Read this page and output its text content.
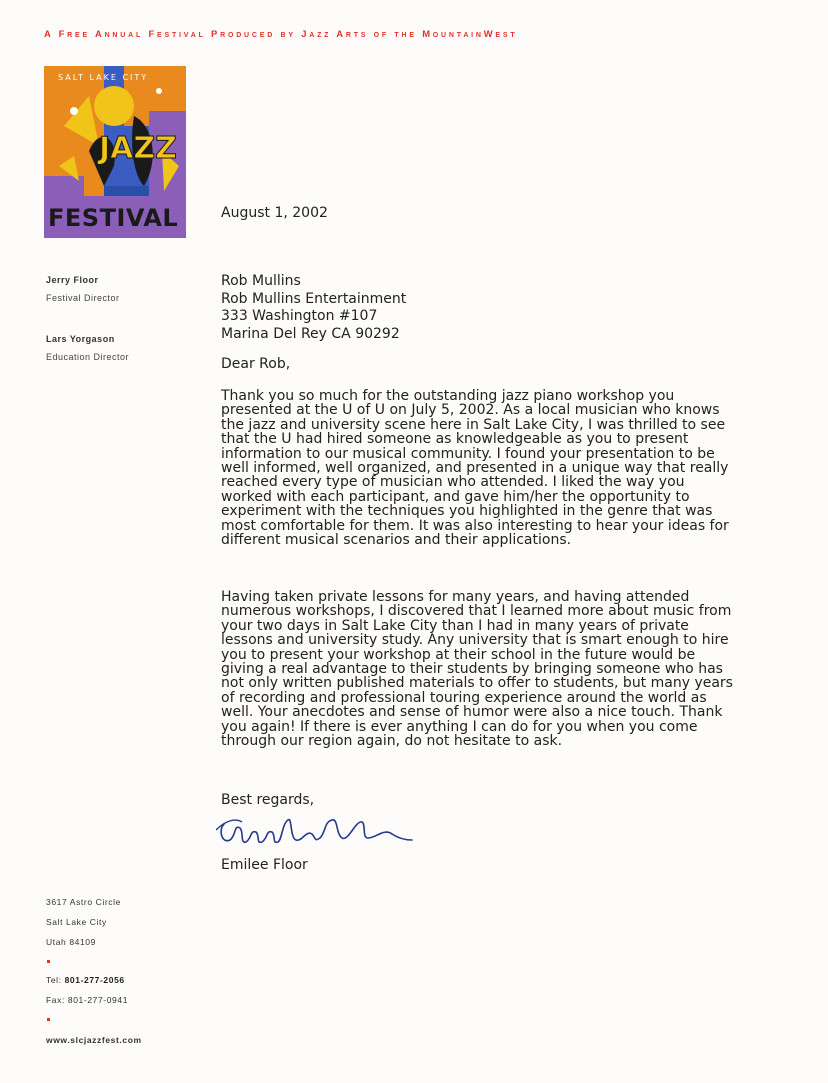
A Free Annual Festival Produced by Jazz Arts of the MountainWest
SALT LAKE CITY
JAZZ
FESTIVAL
Jerry Floor
Festival Director
Lars Yorgason
Education Director
August 1, 2002
Rob Mullins
Rob Mullins Entertainment
333 Washington #107
Marina Del Rey CA 90292
Dear Rob,
Thank you so much for the outstanding jazz piano workshop you
presented at the U of U on July 5, 2002. As a local musician who knows
the jazz and university scene here in Salt Lake City, I was thrilled to see
that the U had hired someone as knowledgeable as you to present
information to our musical community. I found your presentation to be
well informed, well organized, and presented in a unique way that really
reached every type of musician who attended. I liked the way you
worked with each participant, and gave him/her the opportunity to
experiment with the techniques you highlighted in the genre that was
most comfortable for them. It was also interesting to hear your ideas for
different musical scenarios and their applications.
Having taken private lessons for many years, and having attended
numerous workshops, I discovered that I learned more about music from
your two days in Salt Lake City than I had in many years of private
lessons and university study. Any university that is smart enough to hire
you to present your workshop at their school in the future would be
giving a real advantage to their students by bringing someone who has
not only written published materials to offer to students, but many years
of recording and professional touring experience around the world as
well. Your anecdotes and sense of humor were also a nice touch. Thank
you again! If there is ever anything I can do for you when you come
through our region again, do not hesitate to ask.
Best regards,
Emilee Floor
3617 Astro Circle
Salt Lake City
Utah 84109
Tel: 801-277-2056
Fax: 801-277-0941
www.slcjazzfest.com
